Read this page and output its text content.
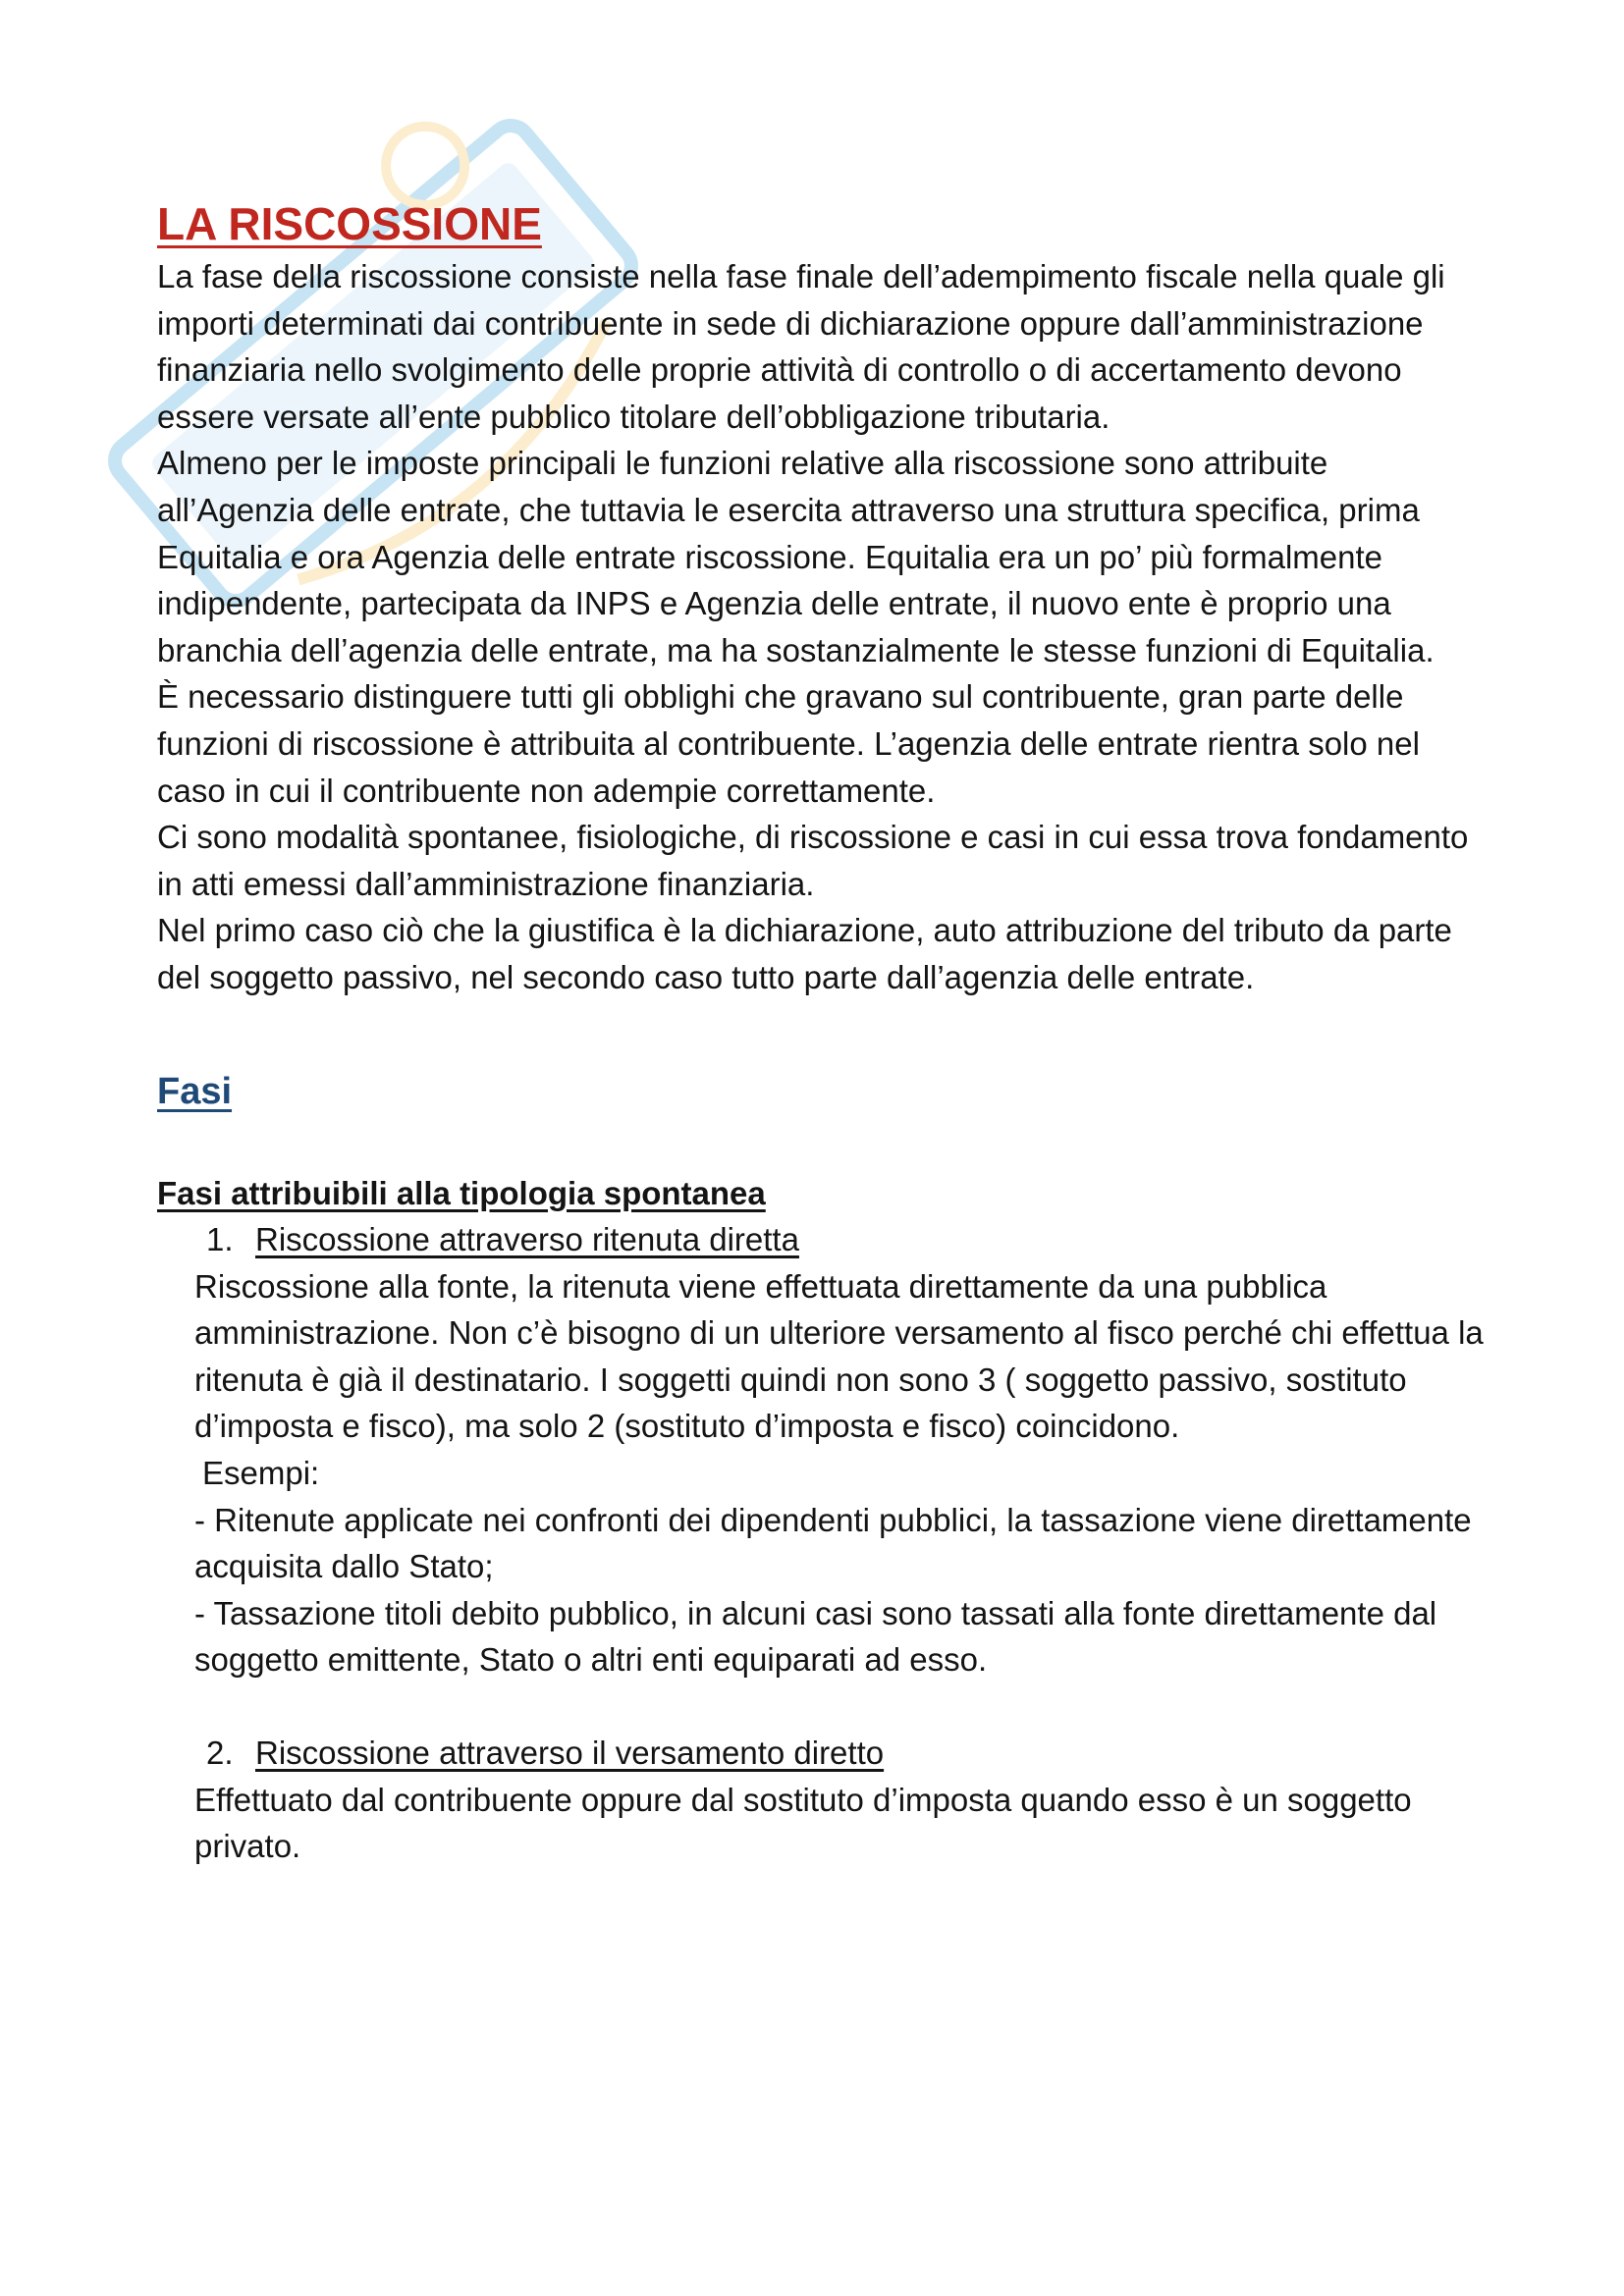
LA RISCOSSIONE

La fase della riscossione consiste nella fase finale dell’adempimento fiscale nella quale gli importi determinati dai contribuente in sede di dichiarazione oppure dall’amministrazione finanziaria nello svolgimento delle proprie attività di controllo o di accertamento devono essere versate all’ente pubblico titolare dell’obbligazione tributaria.

Almeno per le imposte principali le funzioni relative alla riscossione sono attribuite all’Agenzia delle entrate, che tuttavia le esercita attraverso una struttura specifica, prima Equitalia e ora Agenzia delle entrate riscossione. Equitalia era un po’ più formalmente indipendente, partecipata da INPS e Agenzia delle entrate, il nuovo ente è proprio una branchia dell’agenzia delle entrate, ma ha sostanzialmente le stesse funzioni di Equitalia.

È necessario distinguere tutti gli obblighi che gravano sul contribuente, gran parte delle funzioni di riscossione è attribuita al contribuente. L’agenzia delle entrate rientra solo nel caso in cui il contribuente non adempie correttamente.

Ci sono modalità spontanee, fisiologiche, di riscossione e casi in cui essa trova fondamento in atti emessi dall’amministrazione finanziaria.

Nel primo caso ciò che la giustifica è la dichiarazione, auto attribuzione del tributo da parte del soggetto passivo, nel secondo caso tutto parte dall’agenzia delle entrate.

Fasi
Fasi attribuibili alla tipologia spontanea

1. Riscossione attraverso ritenuta diretta

Riscossione alla fonte, la ritenuta viene effettuata direttamente da una pubblica amministrazione. Non c’è bisogno di un ulteriore versamento al fisco perché chi effettua la ritenuta è già il destinatario. I soggetti quindi non sono 3 ( soggetto passivo, sostituto d’imposta e fisco), ma solo 2 (sostituto d’imposta e fisco) coincidono.

Esempi:

- Ritenute applicate nei confronti dei dipendenti pubblici, la tassazione viene direttamente acquisita dallo Stato;

- Tassazione titoli debito pubblico, in alcuni casi sono tassati alla fonte direttamente dal soggetto emittente, Stato o altri enti equiparati ad esso.

2. Riscossione attraverso il versamento diretto

Effettuato dal contribuente oppure dal sostituto d’imposta quando esso è un soggetto privato.
